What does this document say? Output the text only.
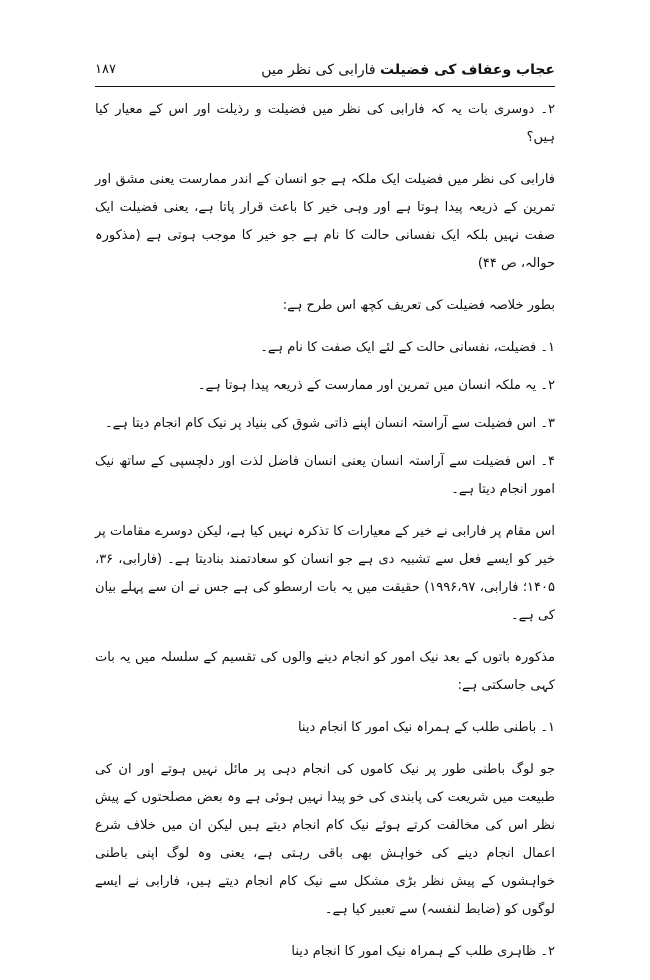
عجاب وعفاف کی فضیلت فارابی کی نظر میں
۱۸۷

۲۔ دوسری بات یہ کہ فارابی کی نظر میں فضیلت و رذیلت اور اس کے معیار کیا ہیں؟

فارابی کی نظر میں فضیلت ایک ملکہ ہے جو انسان کے اندر ممارست یعنی مشق اور تمرین کے ذریعہ پیدا ہوتا ہے اور وہی خیر کا باعث قرار پاتا ہے، یعنی فضیلت ایک صفت نہیں بلکہ ایک نفسانی حالت کا نام ہے جو خیر کا موجب ہوتی ہے (مذکورہ حوالہ، ص ۴۴)

بطور خلاصہ فضیلت کی تعریف کچھ اس طرح ہے:

۱۔ فضیلت، نفسانی حالت کے لئے ایک صفت کا نام ہے۔

۲۔ یہ ملکہ انسان میں تمرین اور ممارست کے ذریعہ پیدا ہوتا ہے۔

۳۔ اس فضیلت سے آراستہ انسان اپنے ذاتی شوق کی بنیاد پر نیک کام انجام دیتا ہے۔

۴۔ اس فضیلت سے آراستہ انسان یعنی انسان فاضل لذت اور دلچسپی کے ساتھ نیک امور انجام دیتا ہے۔

اس مقام پر فارابی نے خیر کے معیارات کا تذکرہ نہیں کیا ہے، لیکن دوسرے مقامات پر خیر کو ایسے فعل سے تشبیہ دی ہے جو انسان کو سعادتمند بنادیتا ہے۔ (فارابی، ۳۶، ۱۴۰۵؛ فارابی، ۱۹۹۶،۹۷) حقیقت میں یہ بات ارسطو کی ہے جس نے ان سے پہلے بیان کی ہے۔

مذکورہ باتوں کے بعد نیک امور کو انجام دینے والوں کی تقسیم کے سلسلہ میں یہ بات کہی جاسکتی ہے:

۱۔ باطنی طلب کے ہمراہ نیک امور کا انجام دینا

جو لوگ باطنی طور پر نیک کاموں کی انجام دہی پر مائل نہیں ہوتے اور ان کی طبیعت میں شریعت کی پابندی کی خو پیدا نہیں ہوئی ہے وہ بعض مصلحتوں کے پیش نظر اس کی مخالفت کرتے ہوئے نیک کام انجام دیتے ہیں لیکن ان میں خلاف شرع اعمال انجام دینے کی خواہش بھی باقی رہتی ہے، یعنی وہ لوگ اپنی باطنی خواہشوں کے پیش نظر بڑی مشکل سے نیک کام انجام دیتے ہیں، فارابی نے ایسے لوگوں کو (ضابط لنفسہ) سے تعبیر کیا ہے۔

۲۔ ظاہری طلب کے ہمراہ نیک امور کا انجام دینا
